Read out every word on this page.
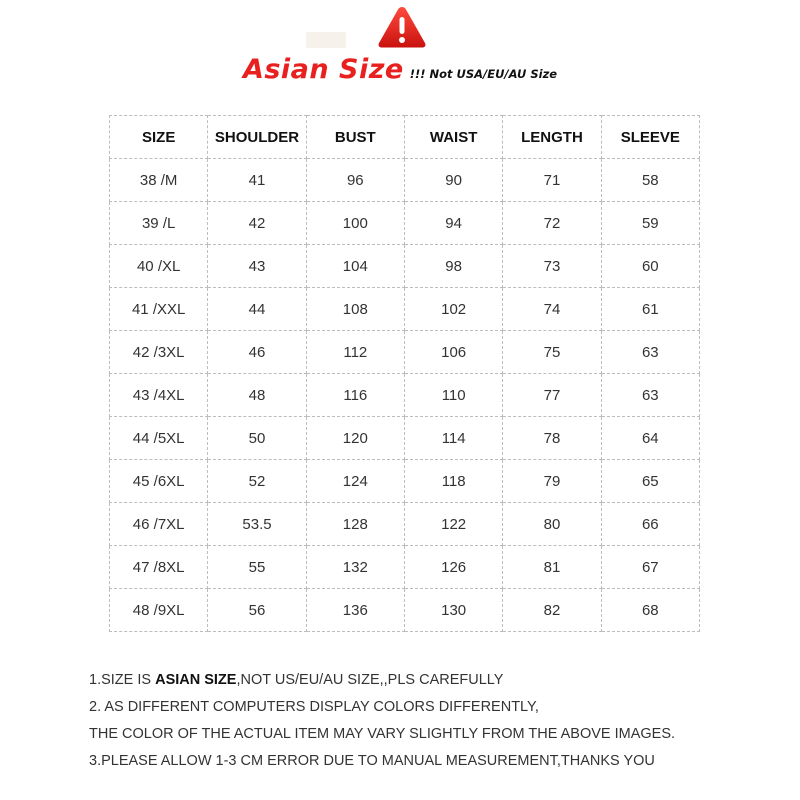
Asian Size !!! Not USA/EU/AU Size
SIZE	SHOULDER	BUST	WAIST	LENGTH	SLEEVE
38 /M	41	96	90	71	58
39 /L	42	100	94	72	59
40 /XL	43	104	98	73	60
41 /XXL	44	108	102	74	61
42 /3XL	46	112	106	75	63
43 /4XL	48	116	110	77	63
44 /5XL	50	120	114	78	64
45 /6XL	52	124	118	79	65
46 /7XL	53.5	128	122	80	66
47 /8XL	55	132	126	81	67
48 /9XL	56	136	130	82	68

1.SIZE IS ASIAN SIZE,NOT US/EU/AU SIZE,,PLS CAREFULLY

2. AS DIFFERENT COMPUTERS DISPLAY COLORS DIFFERENTLY,

THE COLOR OF THE ACTUAL ITEM MAY VARY SLIGHTLY FROM THE ABOVE IMAGES.

3.PLEASE ALLOW 1-3 CM ERROR DUE TO MANUAL MEASUREMENT,THANKS YOU
